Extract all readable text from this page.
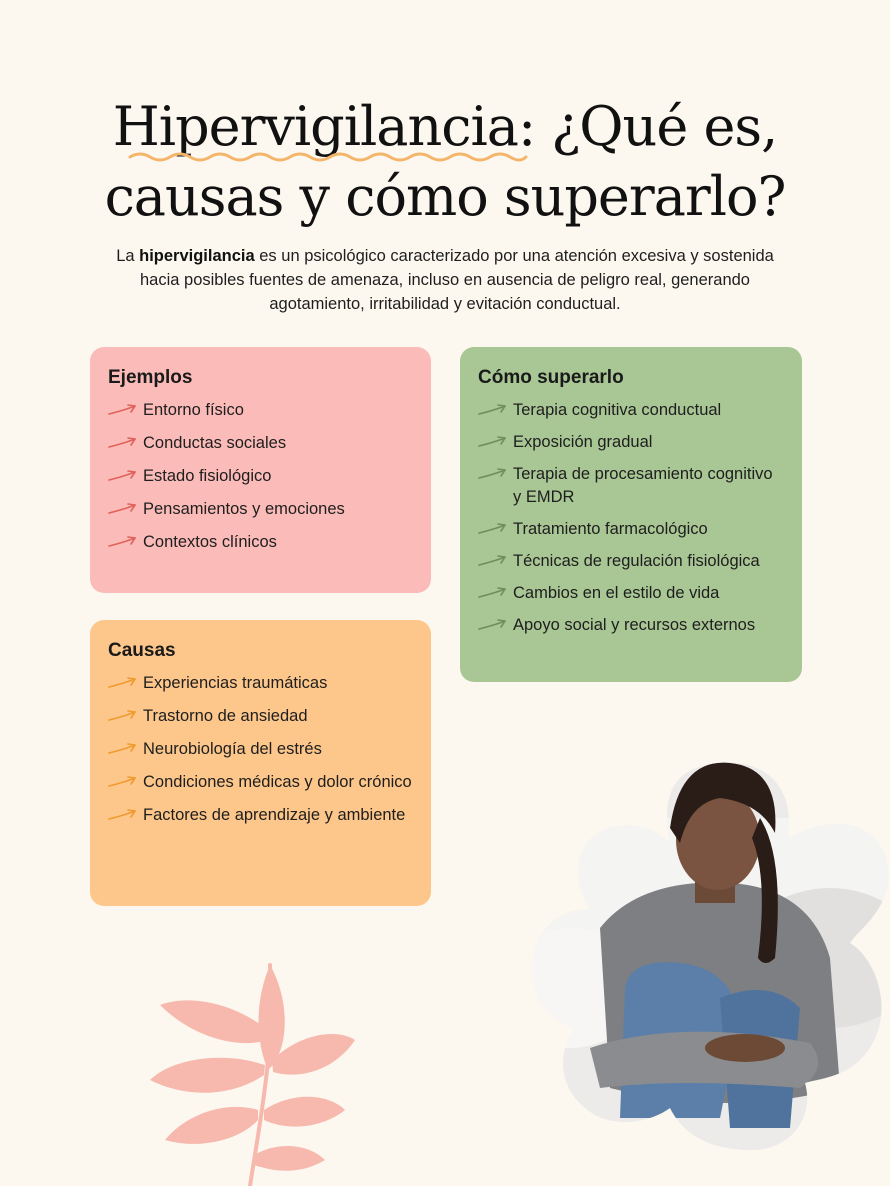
Hipervigilancia: ¿Qué es,
causas y cómo superarlo?

La hipervigilancia es un psicológico caracterizado por una atención excesiva y sostenida hacia posibles fuentes de amenaza, incluso en ausencia de peligro real, generando agotamiento, irritabilidad y evitación conductual.

Ejemplos
Entorno físico
Conductas sociales
Estado fisiológico
Pensamientos y emociones
Contextos clínicos
Causas
Experiencias traumáticas
Trastorno de ansiedad
Neurobiología del estrés
Condiciones médicas y dolor crónico
Factores de aprendizaje y ambiente
Cómo superarlo
Terapia cognitiva conductual
Exposición gradual
Terapia de procesamiento cognitivo y EMDR
Tratamiento farmacológico
Técnicas de regulación fisiológica
Cambios en el estilo de vida
Apoyo social y recursos externos
